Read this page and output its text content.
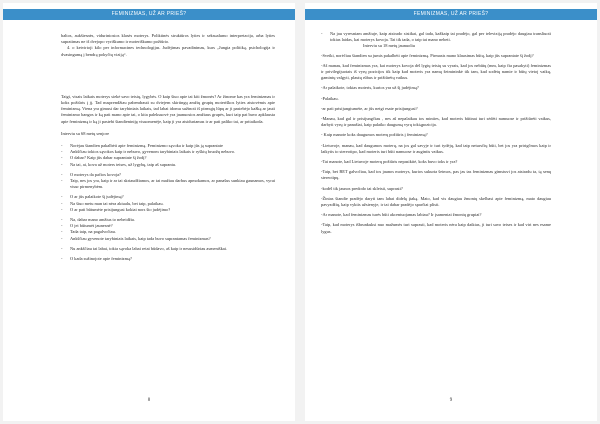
FEMINIZMAS, UŽ AR PRIEŠ?

baltos, aukštesnės, viduriniosios klasės moterys. Poliktinės struktūros lyties ir seksualumo interpretacija, arba lyties supratimas ne iš dvejopo vyriškumo ir moteriškumo požiūrio.

4. o ketvirtoji kilo per informacines technologijas. Judėjimas pavadinimas, kurs „Jungia politiką, psichologija ir dvasingumą į bendrą pokyčių viziją“.

Taigi, visais laikais moterys siekė savo teisių, lygybės. O kaip šiuo apie tai kiti žmonės? Ar žinome kas yra feminizmas ir koks požiūris į jį. Tad nusprendžiau pabendrauti su dviejem skirtingų amžių grupių moteriškos lyties atstovėmis apie feminizmą. Viena yra gimusi dar tarybiniais laikais, tad labai idomu sužinoti iš pirmųjų lūpų ar ji pastebėjo kažką ar jauti feminizmo bangos ir ką pati mano apie tai, o kita paleksuovė yra jaunuosios amžiaus grupės, kuri taip pat buvo apklausta apie feminizmą ir ką ji pastebi šiandieniniję visuomenėje, kaip ji yra atsiduriamas ir ar pati paliko tai, ar pritaikoda.

Interviu su 68 metų senjore

- Norėjau šiandien pakalbėti apie feminizmą. Feminizmo sąvoka ir kaip jūs ją suprantate

- Ankščiau tokios sąvokos kaip ir nebuvo, gyvenom tarybiniais laikais ir ryškių bruožų nebuvo.

- O dabar? Kaip jūs dabar suprantate šį žodį?

- Na tai, ai, kova už moters teises, už lygybę, taip aš suprantu.

- O moterys da pačios kovoja?

- Taip, nes jos yra, kaip ir ar tai skriaudžiamos, ar tai mažiau darbus apmokamos, ar panašus sunkiau gaunamos, vyrai visur pirmenybėm.

- O ar jūs palaikote šį judėjimą?

- Na šiuo metu man tai nėra aktualu, bet taip, palaikau.

- O ar pati būtumėte prisijungusi kokiai nors šio judėjimo?

- Na, dabar mano amžius to nebeidžia.

- O jei būtumėt jaunesnė?

- Tada taip, na pagalvočiau.

- Ankščiau gyvenote tarybiniais laikais, kaip tada buvo suprantamas feminizmas?

- Nu ankščiau tai labai, tokia sąvoka labai retai būdavo, aš kaip ir nesusidūriau asmeniškai.

- O kada sužinojote apie feminizmą?

8
FEMINIZMAS, UŽ AR PRIEŠ?

- Na jau vyresniam amžiuje, kaip atsirado sistikai, gal tada, kažkaip tai pradėjo, gal per televiziją pradėjo daugiau transliuoti tokias laidas, kai moterys kovoja. Tai tik tada, o taip tai mano nebeti.

Interviu su 18 metų jaunuoliu

-Sveiki, norėčiau šiandien su jumis pakalbėti apie feminizmą. Pirmasis mano klausimas būtų, kaip jūs suprantate šį žodį?

-Aš manau, kad feminizmas yra, kai moterys kovoja dėl lygių teisių su vyrais, kad jos nebūtų (mm, kaip čia pasakyti) feminizmas ir privilegijuotais iš vyrų pozicijos tik kaip kad moteris yra namų šeimininkė tik tam, kad sodėtų namie ir būtų vietoj vaikų, gamintų valgyti, plautų rūbus ir prižiūrėtų vaikus.

-Ar palaikote, tokias moteris, kurios yra už šį judėjimą?

-Palaikau.

-ar pati prisijungtumėte, ar jūs netgi esate prisijungusi?

-Manau, kad gal ir prisijungčiau , nes aš nepalaikau tos minties, kad moteris būtinai turi sėdėti namuose ir prižiūrėti vaikus, darbyti vyrų ir panašiai, kaip palaiko daugumą vyrų tokiąpozicija.

- Kaip manote koks daugumos moterų požiūris į feminizmą?

-Lietuvoje, manau, kad daugumos moterų, na jos gal savyje ir turi tydėjų, kad taip netursčių būti, bet jos yra pririgčmos kaip ir laikytis to stereotipo, kad moteris turi būti namuose ir augintis vaikus.

-Tai manote, kad Lietuvoje moterų požiūris nepasikitė, koks buvo toks ir yra?

-Taip, bet BET galvočiau, kad tos jaunos moterys, kurios sukurta šeimos, pas jas tas feminizmas gimstuvi jos atsiradu ta, tą senų stereotipų.

-kodėl tik jaunos predodo tai skleisti, suprasti?

-Žinias šiandie pradėjo daryti tam labai didelę įtaką. Mato, kad vis daugiau žmonių skelbasi apie feminizmą, mato daugiau pavyzdžių, kaip vyktis užsienyje, ir tai dabar pradėjo sparčiai plisti.

-Ar manote, kad feminizmas turės būti akcentuojamas labiau? Ir įsamentai žmonių grupiai?

-Taip, kad moterys išbrunkuksi nuo mažumės turi suprasti, kad moteris nėra kaip daiktas, ji turi savo teises ir kad viri nes esame lygus.

9
